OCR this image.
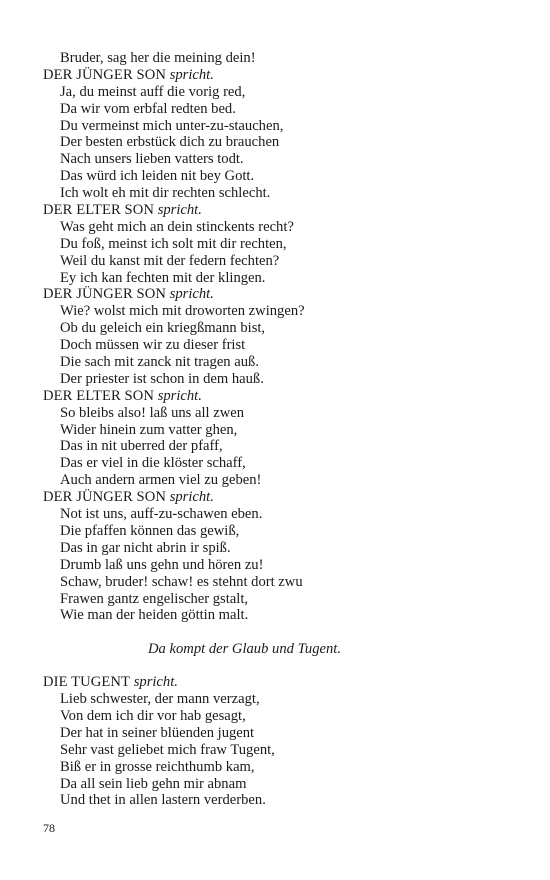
Bruder, sag her die meining dein!
DER JÜNGER SON spricht.
Ja, du meinst auff die vorig red,
Da wir vom erbfal redten bed.
Du vermeinst mich unter-zu-stauchen,
Der besten erbstück dich zu brauchen
Nach unsers lieben vatters todt.
Das würd ich leiden nit bey Gott.
Ich wolt eh mit dir rechten schlecht.
DER ELTER SON spricht.
Was geht mich an dein stinckents recht?
Du foß, meinst ich solt mit dir rechten,
Weil du kanst mit der federn fechten?
Ey ich kan fechten mit der klingen.
DER JÜNGER SON spricht.
Wie? wolst mich mit droworten zwingen?
Ob du geleich ein kriegßmann bist,
Doch müssen wir zu dieser frist
Die sach mit zanck nit tragen auß.
Der priester ist schon in dem hauß.
DER ELTER SON spricht.
So bleibs also! laß uns all zwen
Wider hinein zum vatter ghen,
Das in nit uberred der pfaff,
Das er viel in die klöster schaff,
Auch andern armen viel zu geben!
DER JÜNGER SON spricht.
Not ist uns, auff-zu-schawen eben.
Die pfaffen können das gewiß,
Das in gar nicht abrin ir spiß.
Drumb laß uns gehn und hören zu!
Schaw, bruder! schaw! es stehnt dort zwu
Frawen gantz engelischer gstalt,
Wie man der heiden göttin malt.
Da kompt der Glaub und Tugent.
DIE TUGENT spricht.
Lieb schwester, der mann verzagt,
Von dem ich dir vor hab gesagt,
Der hat in seiner blüenden jugent
Sehr vast geliebet mich fraw Tugent,
Biß er in grosse reichthumb kam,
Da all sein lieb gehn mir abnam
Und thet in allen lastern verderben.
78
